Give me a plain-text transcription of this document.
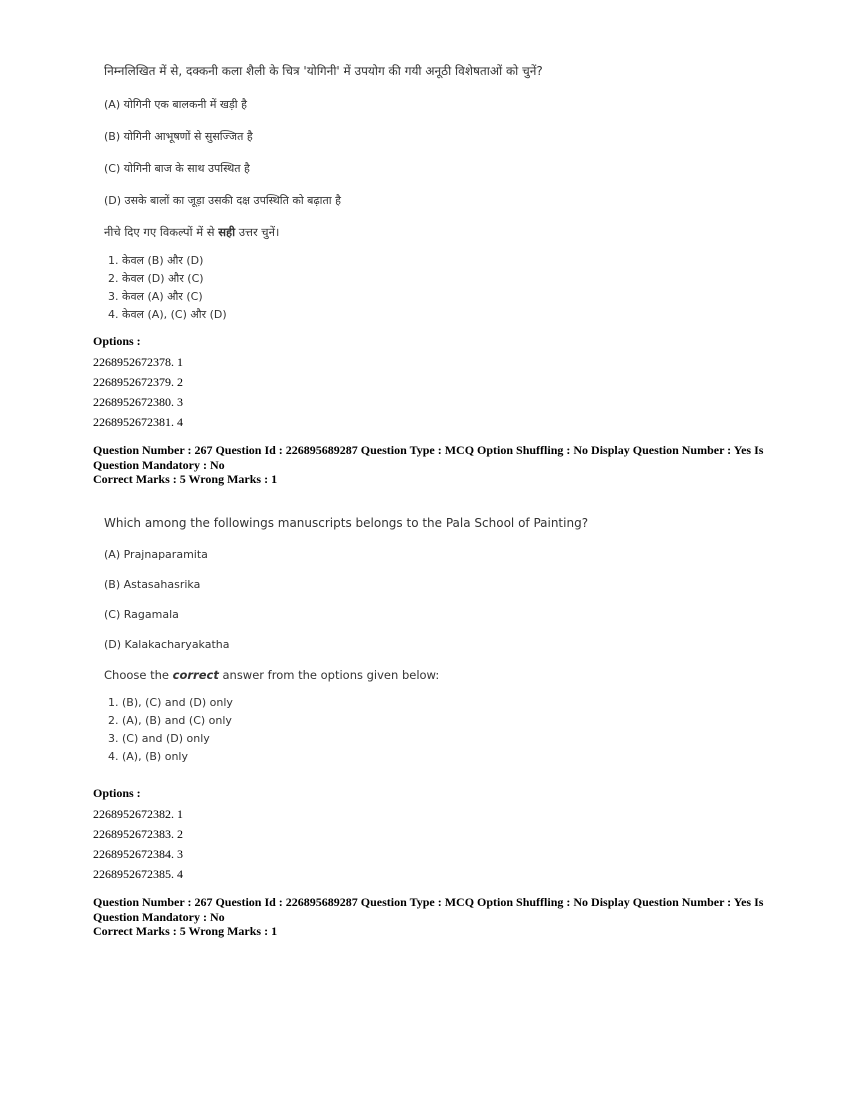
निम्नलिखित में से, दक्कनी कला शैली के चित्र 'योगिनी' में उपयोग की गयी अनूठी विशेषताओं को चुनें?

(A) योगिनी एक बालकनी में खड़ी है

(B) योगिनी आभूषणों से सुसज्जित है

(C) योगिनी बाज के साथ उपस्थित है

(D) उसके बालों का जूड़ा उसकी दक्ष उपस्थिति को बढ़ाता है

नीचे दिए गए विकल्पों में से सही उत्तर चुनें।

1. केवल (B) और (D)
2. केवल (D) और (C)
3. केवल (A) और (C)
4. केवल (A), (C) और (D)

Options :

2268952672378. 1

2268952672379. 2

2268952672380. 3

2268952672381. 4

Question Number : 267 Question Id : 226895689287 Question Type : MCQ Option Shuffling : No Display Question Number : Yes Is

Question Mandatory : No

Correct Marks : 5 Wrong Marks : 1

Which among the followings manuscripts belongs to the Pala School of Painting?

(A) Prajnaparamita

(B) Astasahasrika

(C) Ragamala

(D) Kalakacharyakatha

Choose the correct answer from the options given below:

1. (B), (C) and (D) only
2. (A), (B) and (C) only
3. (C) and (D) only
4. (A), (B) only

Options :

2268952672382. 1

2268952672383. 2

2268952672384. 3

2268952672385. 4

Question Number : 267 Question Id : 226895689287 Question Type : MCQ Option Shuffling : No Display Question Number : Yes Is

Question Mandatory : No

Correct Marks : 5 Wrong Marks : 1
